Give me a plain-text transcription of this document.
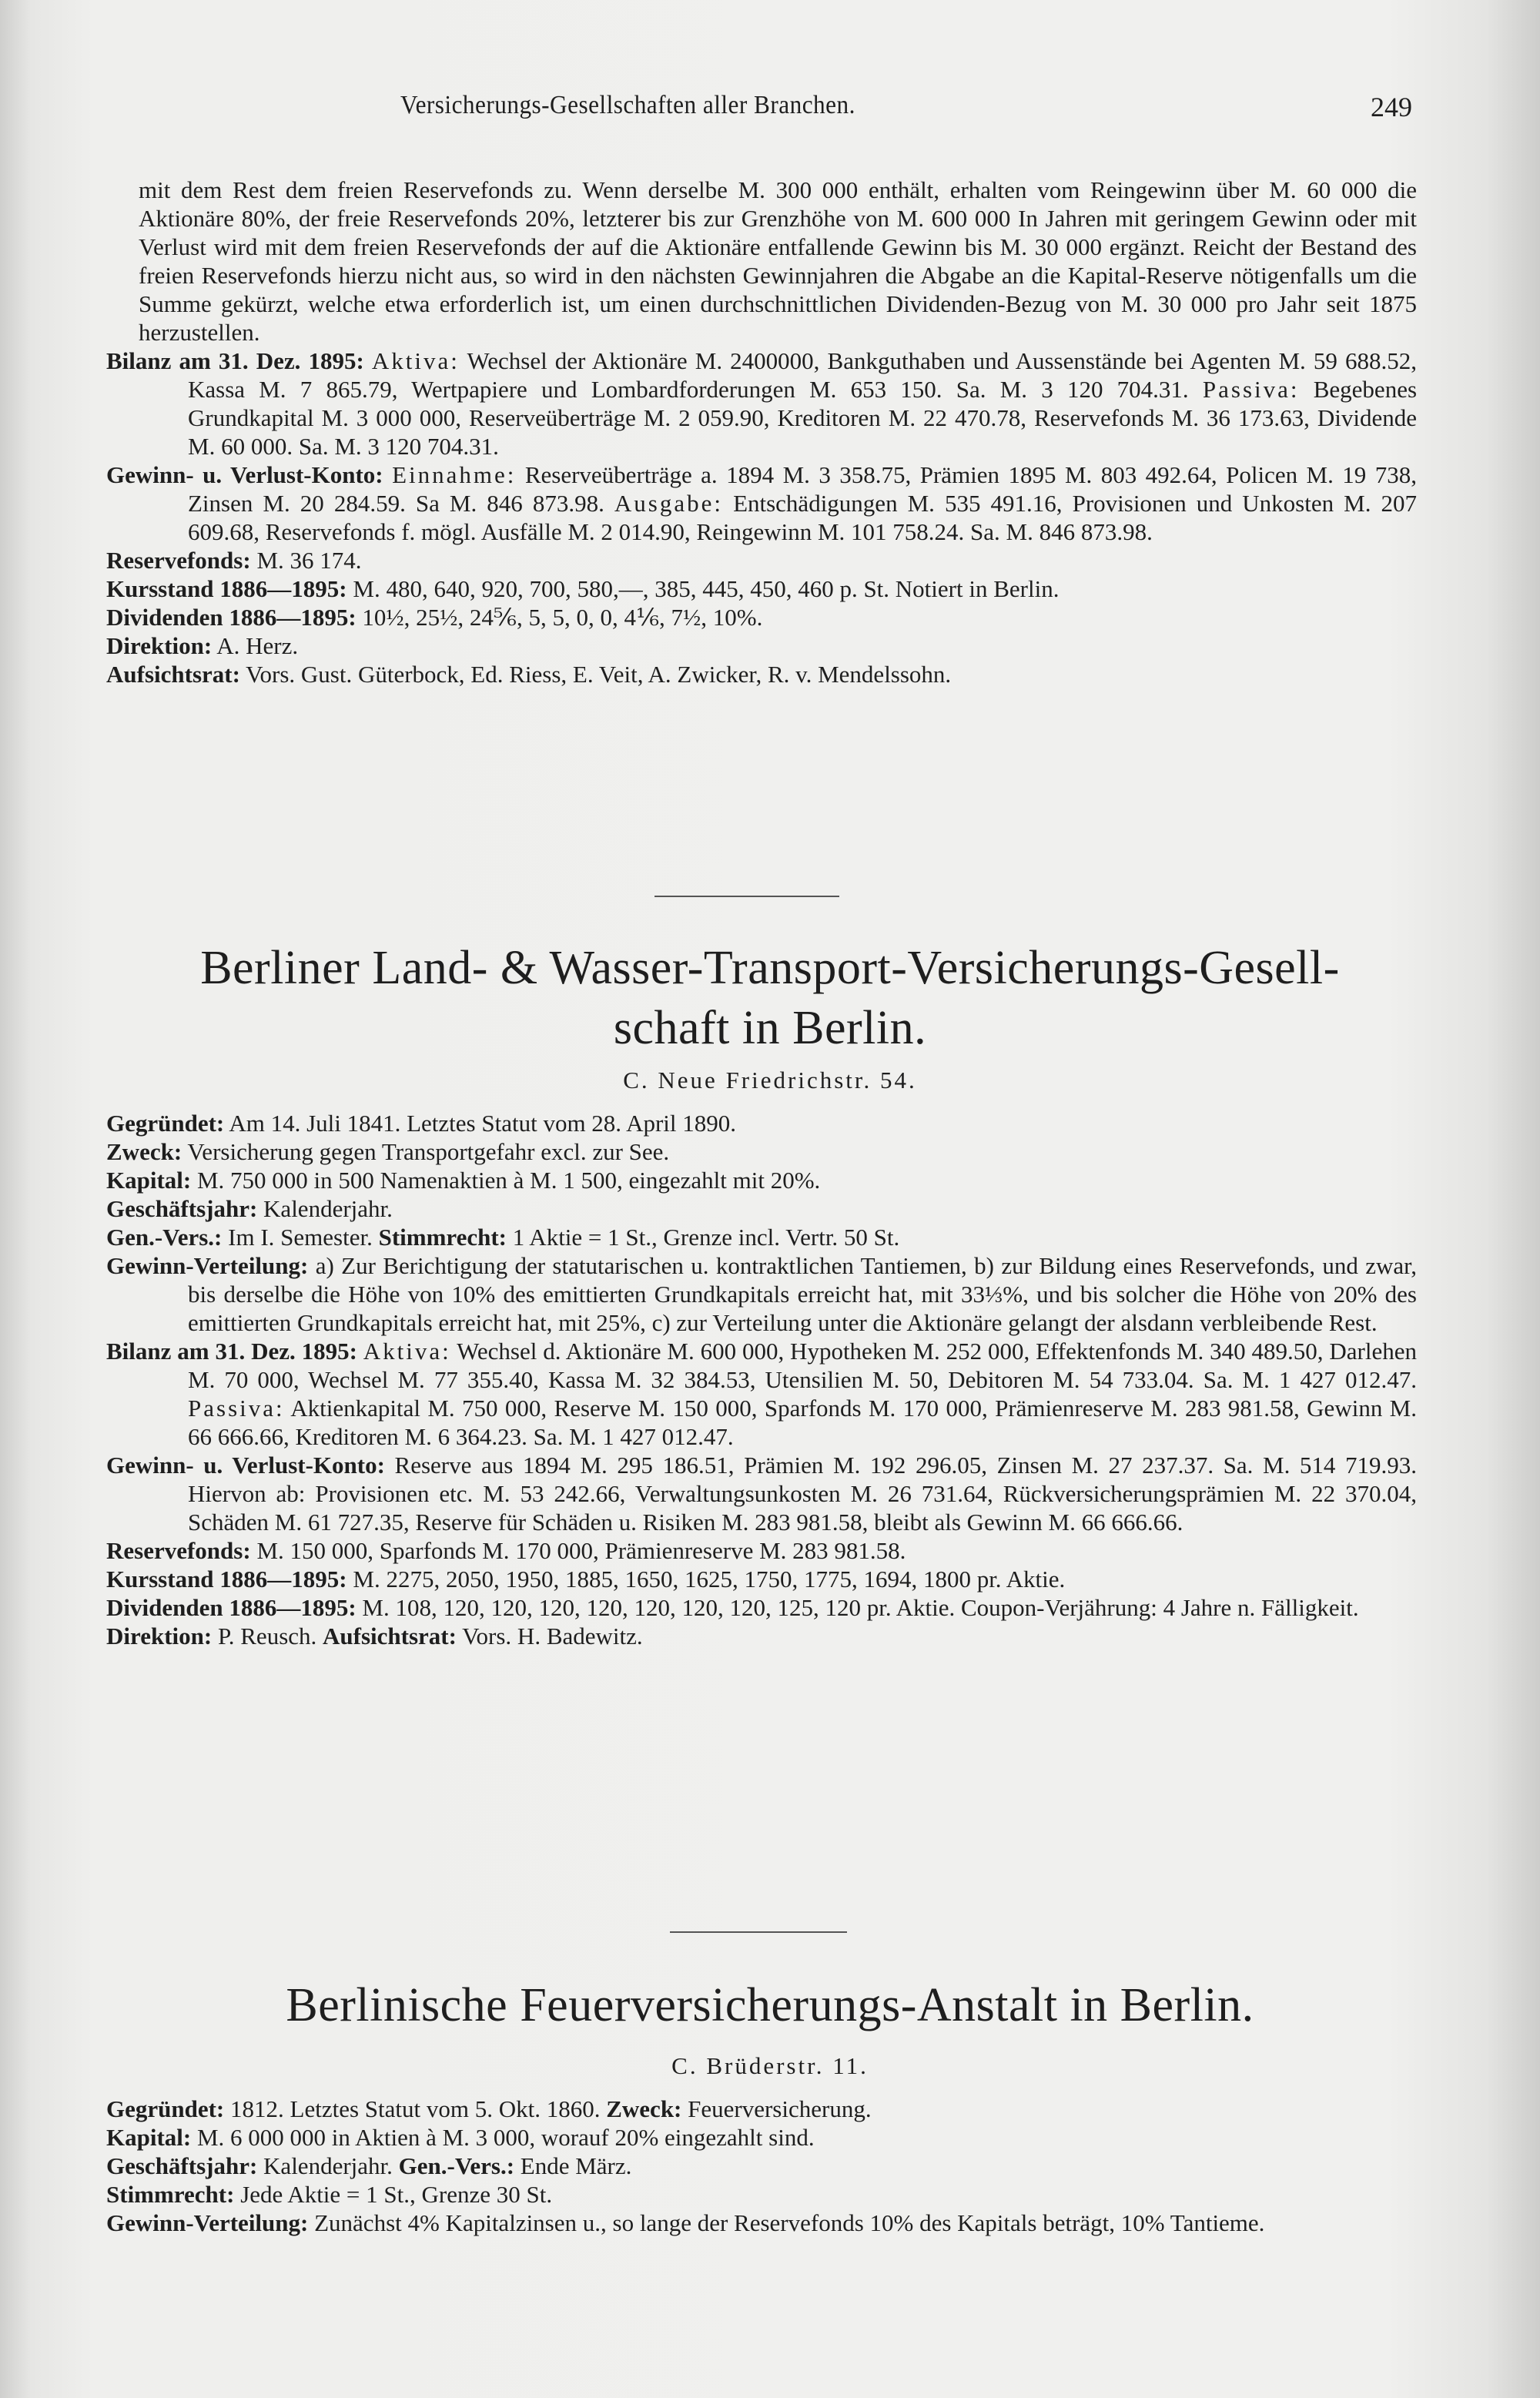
Versicherungs-Gesellschaften aller Branchen.	249

mit dem Rest dem freien Reservefonds zu. Wenn derselbe M. 300 000 enthält, erhalten vom Reingewinn über M. 60 000 die Aktionäre 80%, der freie Reservefonds 20%, letzterer bis zur Grenzhöhe von M. 600 000 In Jahren mit geringem Gewinn oder mit Verlust wird mit dem freien Reservefonds der auf die Aktionäre entfallende Gewinn bis M. 30 000 ergänzt. Reicht der Bestand des freien Reservefonds hierzu nicht aus, so wird in den nächsten Gewinnjahren die Abgabe an die Kapital-Reserve nötigenfalls um die Summe gekürzt, welche etwa erforderlich ist, um einen durchschnittlichen Dividenden-Bezug von M. 30 000 pro Jahr seit 1875 herzustellen.

Bilanz am 31. Dez. 1895: Aktiva: Wechsel der Aktionäre M. 2400000, Bankguthaben und Aussenstände bei Agenten M. 59 688.52, Kassa M. 7 865.79, Wertpapiere und Lombardforderungen M. 653 150. Sa. M. 3 120 704.31. Passiva: Begebenes Grundkapital M. 3 000 000, Reserveüberträge M. 2 059.90, Kreditoren M. 22 470.78, Reservefonds M. 36 173.63, Dividende M. 60 000. Sa. M. 3 120 704.31.

Gewinn- u. Verlust-Konto: Einnahme: Reserveüberträge a. 1894 M. 3 358.75, Prämien 1895 M. 803 492.64, Policen M. 19 738, Zinsen M. 20 284.59. Sa M. 846 873.98. Ausgabe: Entschädigungen M. 535 491.16, Provisionen und Unkosten M. 207 609.68, Reservefonds f. mögl. Ausfälle M. 2 014.90, Reingewinn M. 101 758.24. Sa. M. 846 873.98.

Reservefonds: M. 36 174.

Kursstand 1886—1895: M. 480, 640, 920, 700, 580,—, 385, 445, 450, 460 p. St. Notiert in Berlin.

Dividenden 1886—1895: 10½, 25½, 24⅚, 5, 5, 0, 0, 4⅙, 7½, 10%.

Direktion: A. Herz.

Aufsichtsrat: Vors. Gust. Güterbock, Ed. Riess, E. Veit, A. Zwicker, R. v. Mendelssohn.

Berliner Land- & Wasser-Transport-Versicherungs-Gesell-
schaft in Berlin.
C. Neue Friedrichstr. 54.

Gegründet: Am 14. Juli 1841. Letztes Statut vom 28. April 1890.

Zweck: Versicherung gegen Transportgefahr excl. zur See.

Kapital: M. 750 000 in 500 Namenaktien à M. 1 500, eingezahlt mit 20%.

Geschäftsjahr: Kalenderjahr.

Gen.-Vers.: Im I. Semester. Stimmrecht: 1 Aktie = 1 St., Grenze incl. Vertr. 50 St.

Gewinn-Verteilung: a) Zur Berichtigung der statutarischen u. kontraktlichen Tantiemen, b) zur Bildung eines Reservefonds, und zwar, bis derselbe die Höhe von 10% des emittierten Grundkapitals erreicht hat, mit 33⅓%, und bis solcher die Höhe von 20% des emittierten Grundkapitals erreicht hat, mit 25%, c) zur Verteilung unter die Aktionäre gelangt der alsdann verbleibende Rest.

Bilanz am 31. Dez. 1895: Aktiva: Wechsel d. Aktionäre M. 600 000, Hypotheken M. 252 000, Effektenfonds M. 340 489.50, Darlehen M. 70 000, Wechsel M. 77 355.40, Kassa M. 32 384.53, Utensilien M. 50, Debitoren M. 54 733.04. Sa. M. 1 427 012.47. Passiva: Aktienkapital M. 750 000, Reserve M. 150 000, Sparfonds M. 170 000, Prämienreserve M. 283 981.58, Gewinn M. 66 666.66, Kreditoren M. 6 364.23. Sa. M. 1 427 012.47.

Gewinn- u. Verlust-Konto: Reserve aus 1894 M. 295 186.51, Prämien M. 192 296.05, Zinsen M. 27 237.37. Sa. M. 514 719.93. Hiervon ab: Provisionen etc. M. 53 242.66, Verwaltungsunkosten M. 26 731.64, Rückversicherungsprämien M. 22 370.04, Schäden M. 61 727.35, Reserve für Schäden u. Risiken M. 283 981.58, bleibt als Gewinn M. 66 666.66.

Reservefonds: M. 150 000, Sparfonds M. 170 000, Prämienreserve M. 283 981.58.

Kursstand 1886—1895: M. 2275, 2050, 1950, 1885, 1650, 1625, 1750, 1775, 1694, 1800 pr. Aktie.

Dividenden 1886—1895: M. 108, 120, 120, 120, 120, 120, 120, 120, 125, 120 pr. Aktie. Coupon-Verjährung: 4 Jahre n. Fälligkeit.

Direktion: P. Reusch. Aufsichtsrat: Vors. H. Badewitz.

Berlinische Feuerversicherungs-Anstalt in Berlin.
C. Brüderstr. 11.

Gegründet: 1812. Letztes Statut vom 5. Okt. 1860. Zweck: Feuerversicherung.

Kapital: M. 6 000 000 in Aktien à M. 3 000, worauf 20% eingezahlt sind.

Geschäftsjahr: Kalenderjahr. Gen.-Vers.: Ende März.

Stimmrecht: Jede Aktie = 1 St., Grenze 30 St.

Gewinn-Verteilung: Zunächst 4% Kapitalzinsen u., so lange der Reservefonds 10% des Kapitals beträgt, 10% Tantieme.
